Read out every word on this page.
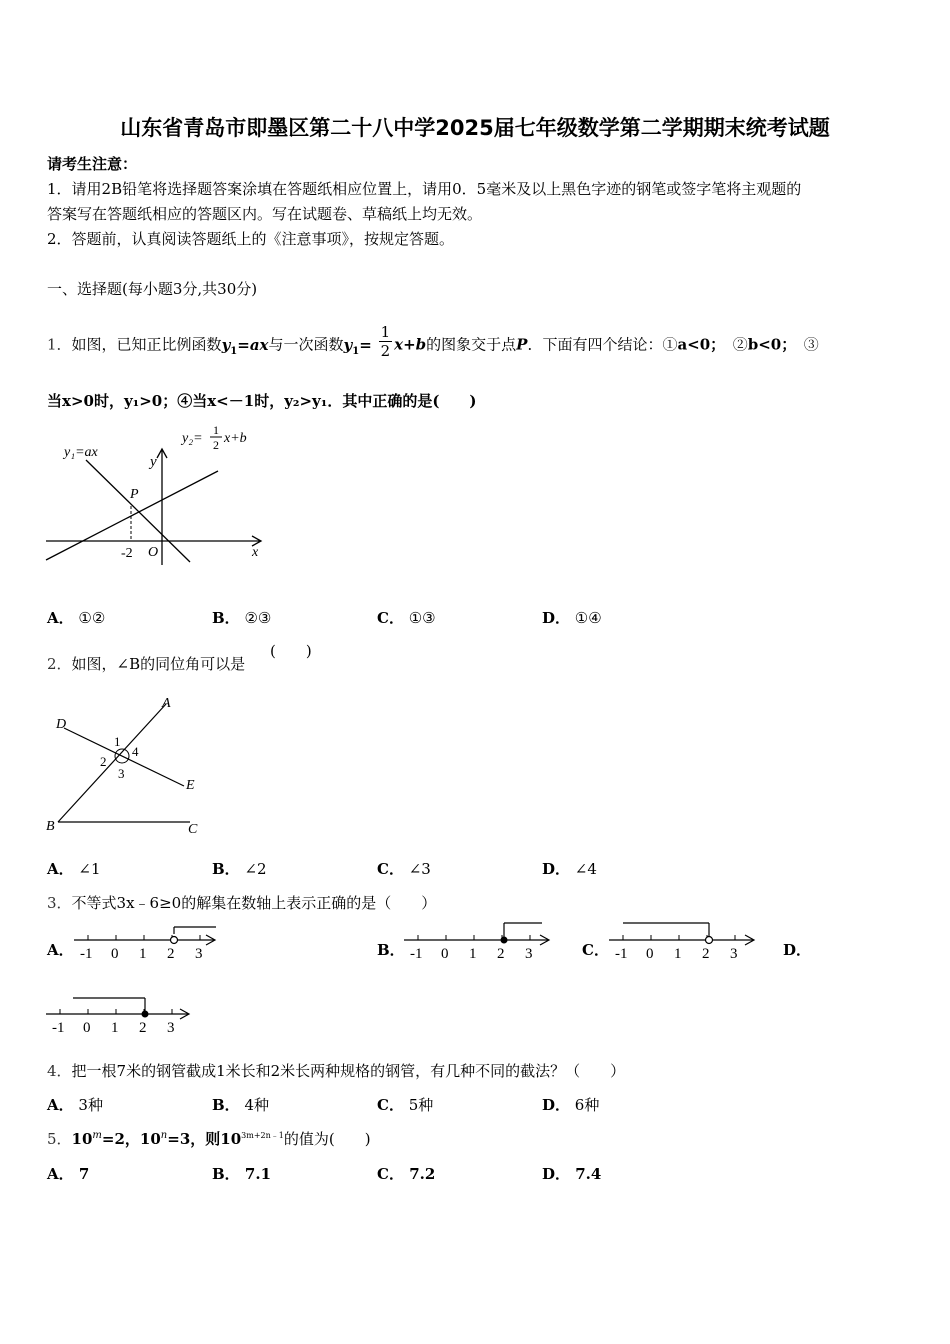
山东省青岛市即墨区第二十八中学2025届七年级数学第二学期期末统考试题
请考生注意：
1．请用2B铅笔将选择题答案涂填在答题纸相应位置上，请用0．5毫米及以上黑色字迹的钢笔或签字笔将主观题的
答案写在答题纸相应的答题区内。写在试题卷、草稿纸上均无效。
2．答题前，认真阅读答题纸上的《注意事项》，按规定答题。
一、选择题(每小题3分,共30分)
1．如图，已知正比例函数$y_1=ax$与一次函数$y_1= \frac{1}{2} x+b$的图象交于点P．下面有四个结论：①a<0；　 ②b<0；　 ③
当x>0时，y₁>0；④当x<－1时，y₂>y₁．其中正确的是(　　)
y₁=ax
y₂=
1
2 x+b
y
x
P
-2 O
A． ①②	B． ②③	C． ①③	D． ①④
2．如图，∠B的同位角可以是
(　　)
A
D
E
B	C
1
2
3
4
A． ∠1	B． ∠2	C． ∠3	D． ∠4
3．不等式3x﹣6≥0的解集在数轴上表示正确的是（　　）
A． -1 0 1 2 3	B． -1 0 1 2 3	C． -1 0 1 2 3	D．
-1 0 1 2 3
4．把一根7米的钢管截成1米长和2米长两种规格的钢管，有几种不同的截法？（　　）
A． 3种	B． 4种	C． 5种	D． 6种
5．$10^m=2$，$10^n=3$，则$10^{3m+2n﹣1}$的值为(　　)
A． 7	B． 7.1	C． 7.2	D． 7.4
